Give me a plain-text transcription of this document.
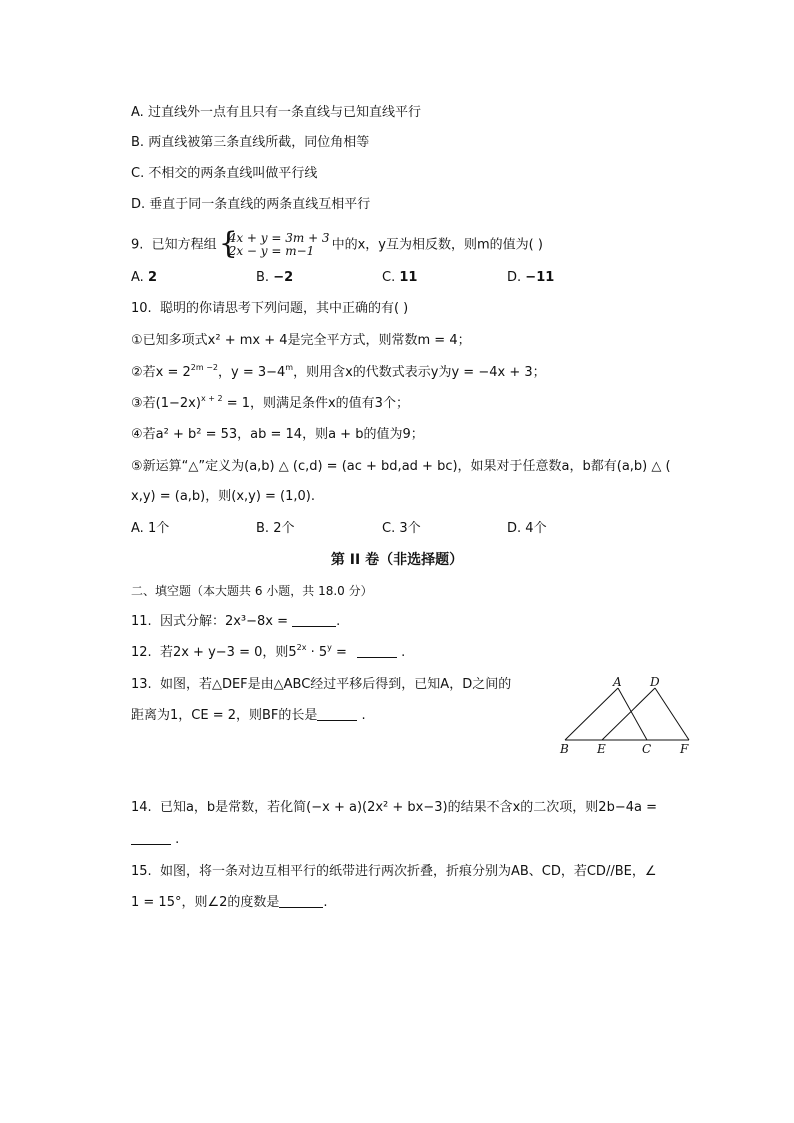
A. 过直线外一点有且只有一条直线与已知直线平行
B. 两直线被第三条直线所截，同位角相等
C. 不相交的两条直线叫做平行线
D. 垂直于同一条直线的两条直线互相平行
9. 已知方程组 {
4x + y = 3m + 3
2x − y = m−1	中的x，y互为相反数，则m的值为( )
A. 2	B. −2	C. 11	D. −11
10. 聪明的你请思考下列问题，其中正确的有( )
①已知多项式x² + mx + 4是完全平方式，则常数m = 4；
②若$x = 2^{2m -2}$，$y = 3-4^m$，则用含x的代数式表示y为y = −4x + 3；
③若$(1-2x)^{x + 2} = 1$，则满足条件x的值有3个；
④若a² + b² = 53，ab = 14，则a + b的值为9；
⑤新运算“△”定义为(a,b) △ (c,d) = (ac + bd,ad + bc)，如果对于任意数a，b都有(a,b) △ (
x,y) = (a,b)，则(x,y) = (1,0).
A. 1个	B. 2个	C. 3个	D. 4个
第 II 卷（非选择题）
二、填空题（本大题共 6 小题，共 18.0 分）
11. 因式分解：2x³−8x =	.
12. 若2x + y−3 = 0，则$5^{2x} \cdot 5^y$ =	.
13. 如图，若△DEF是由△ABC经过平移后得到，已知A，D之间的
距离为1，CE = 2，则BF的长是	.
A D
B E	C F
14. 已知a，b是常数，若化简(−x + a)(2x² + bx−3)的结果不含x的二次项，则2b−4a =
.
15. 如图，将一条对边互相平行的纸带进行两次折叠，折痕分别为AB、CD，若CD//BE，∠
1 = 15°，则∠2的度数是	.
